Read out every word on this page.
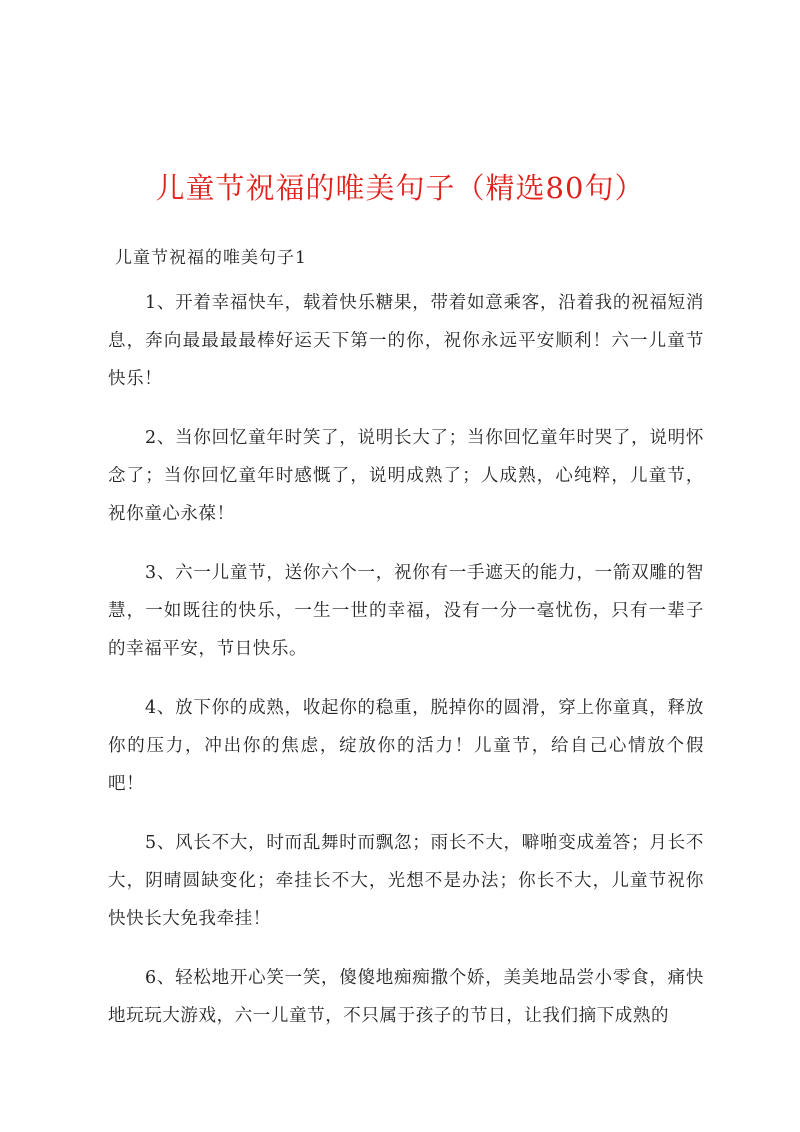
儿童节祝福的唯美句子（精选80句）
儿童节祝福的唯美句子1

1、开着幸福快车，载着快乐糖果，带着如意乘客，沿着我的祝福短消息，奔向最最最最棒好运天下第一的你，祝你永远平安顺利！六一儿童节快乐！

2、当你回忆童年时笑了，说明长大了；当你回忆童年时哭了，说明怀念了；当你回忆童年时感慨了，说明成熟了；人成熟，心纯粹，儿童节，祝你童心永葆！

3、六一儿童节，送你六个一，祝你有一手遮天的能力，一箭双雕的智慧，一如既往的快乐，一生一世的幸福，没有一分一毫忧伤，只有一辈子的幸福平安，节日快乐。

4、放下你的成熟，收起你的稳重，脱掉你的圆滑，穿上你童真，释放你的压力，冲出你的焦虑，绽放你的活力！儿童节，给自己心情放个假吧！

5、风长不大，时而乱舞时而飘忽；雨长不大，噼啪变成羞答；月长不大，阴晴圆缺变化；牵挂长不大，光想不是办法；你长不大，儿童节祝你快快长大免我牵挂！

6、轻松地开心笑一笑，傻傻地痴痴撒个娇，美美地品尝小零食，痛快地玩玩大游戏，六一儿童节，不只属于孩子的节日，让我们摘下成熟的
